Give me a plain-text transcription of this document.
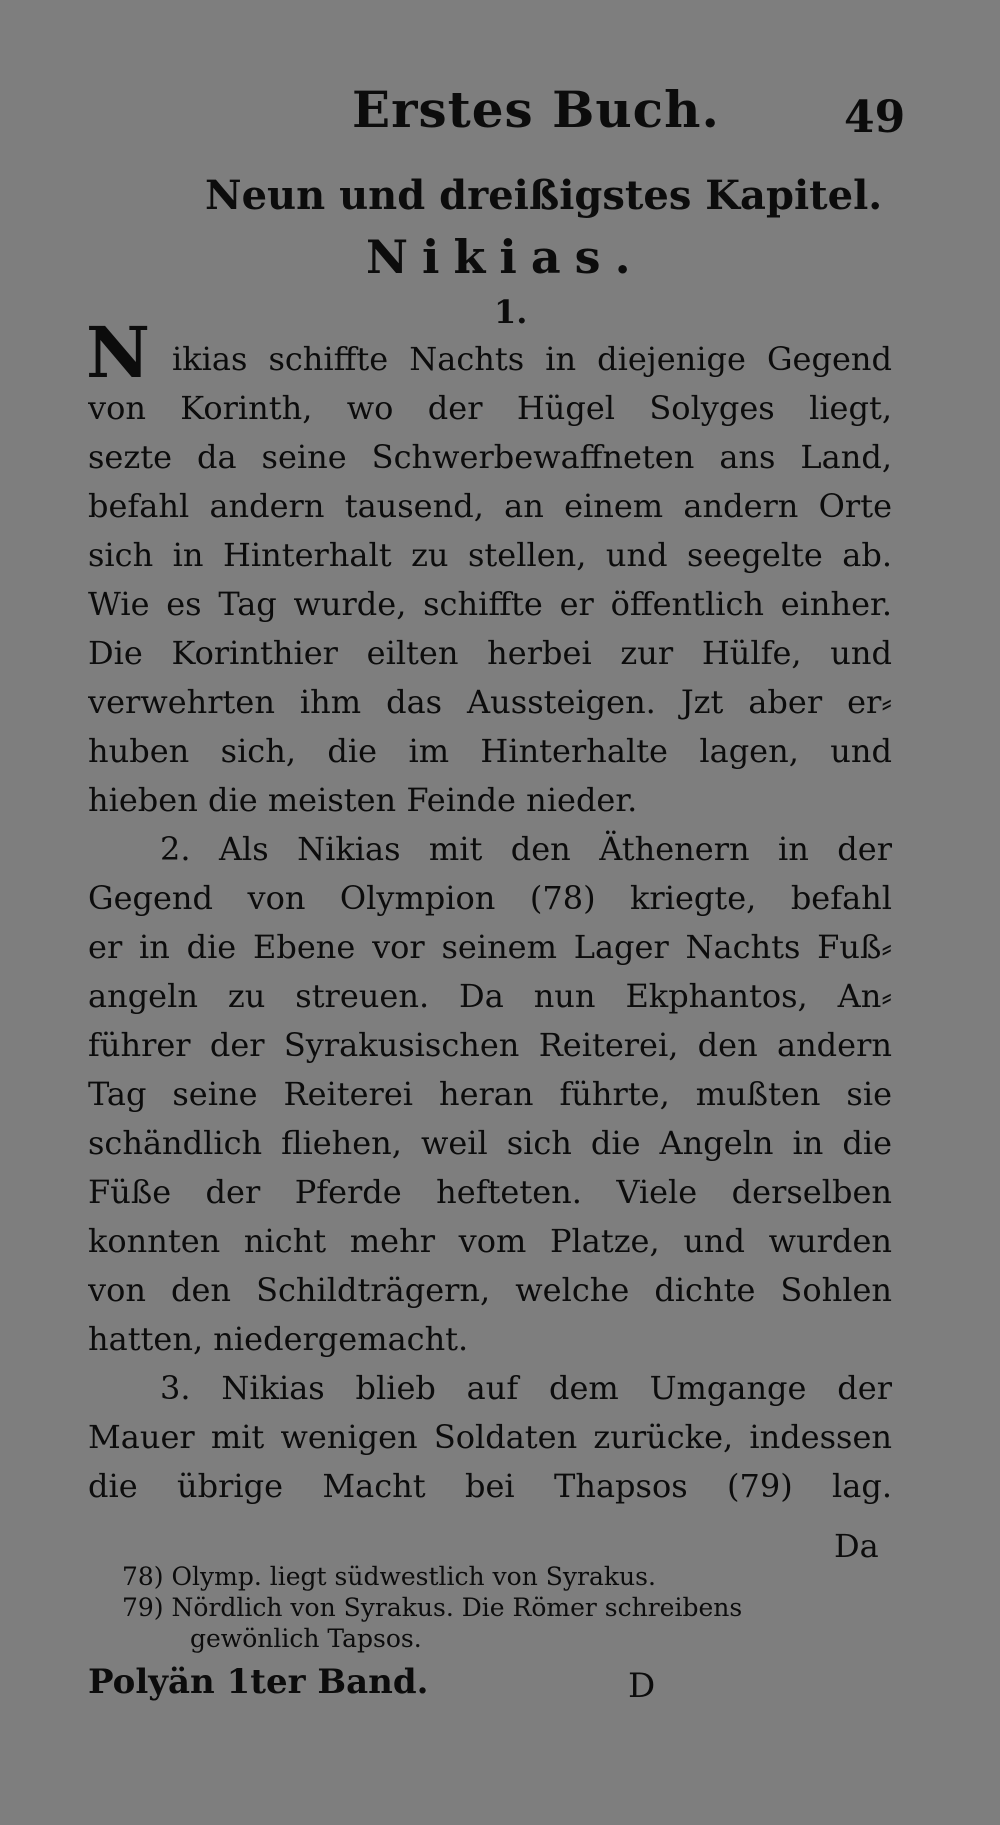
Erstes Buch.	49
Neun und dreißigstes Kapitel.
Nikias.
1.
N ikias schiffte Nachts in diejenige Gegend
von Korinth, wo der Hügel Solyges liegt,
sezte da seine Schwerbewaffneten ans Land,
befahl andern tausend, an einem andern Orte
sich in Hinterhalt zu stellen, und seegelte ab.
Wie es Tag wurde, schiffte er öffentlich einher.
Die Korinthier eilten herbei zur Hülfe, und
verwehrten ihm das Aussteigen. Jzt aber er⸗
huben sich, die im Hinterhalte lagen, und
hieben die meisten Feinde nieder.
2. Als Nikias mit den Äthenern in der
Gegend von Olympion (78) kriegte, befahl
er in die Ebene vor seinem Lager Nachts Fuß⸗
angeln zu streuen. Da nun Ekphantos, An⸗
führer der Syrakusischen Reiterei, den andern
Tag seine Reiterei heran führte, mußten sie
schändlich fliehen, weil sich die Angeln in die
Füße der Pferde hefteten. Viele derselben
konnten nicht mehr vom Platze, und wurden
von den Schildträgern, welche dichte Sohlen
hatten, niedergemacht.
3. Nikias blieb auf dem Umgange der
Mauer mit wenigen Soldaten zurücke, indessen
die übrige Macht bei Thapsos (79) lag.
Da
78) Olymp. liegt südwestlich von Syrakus.
79) Nördlich von Syrakus. Die Römer schreibens
gewönlich Tapsos.
Polyän 1ter Band.	D
